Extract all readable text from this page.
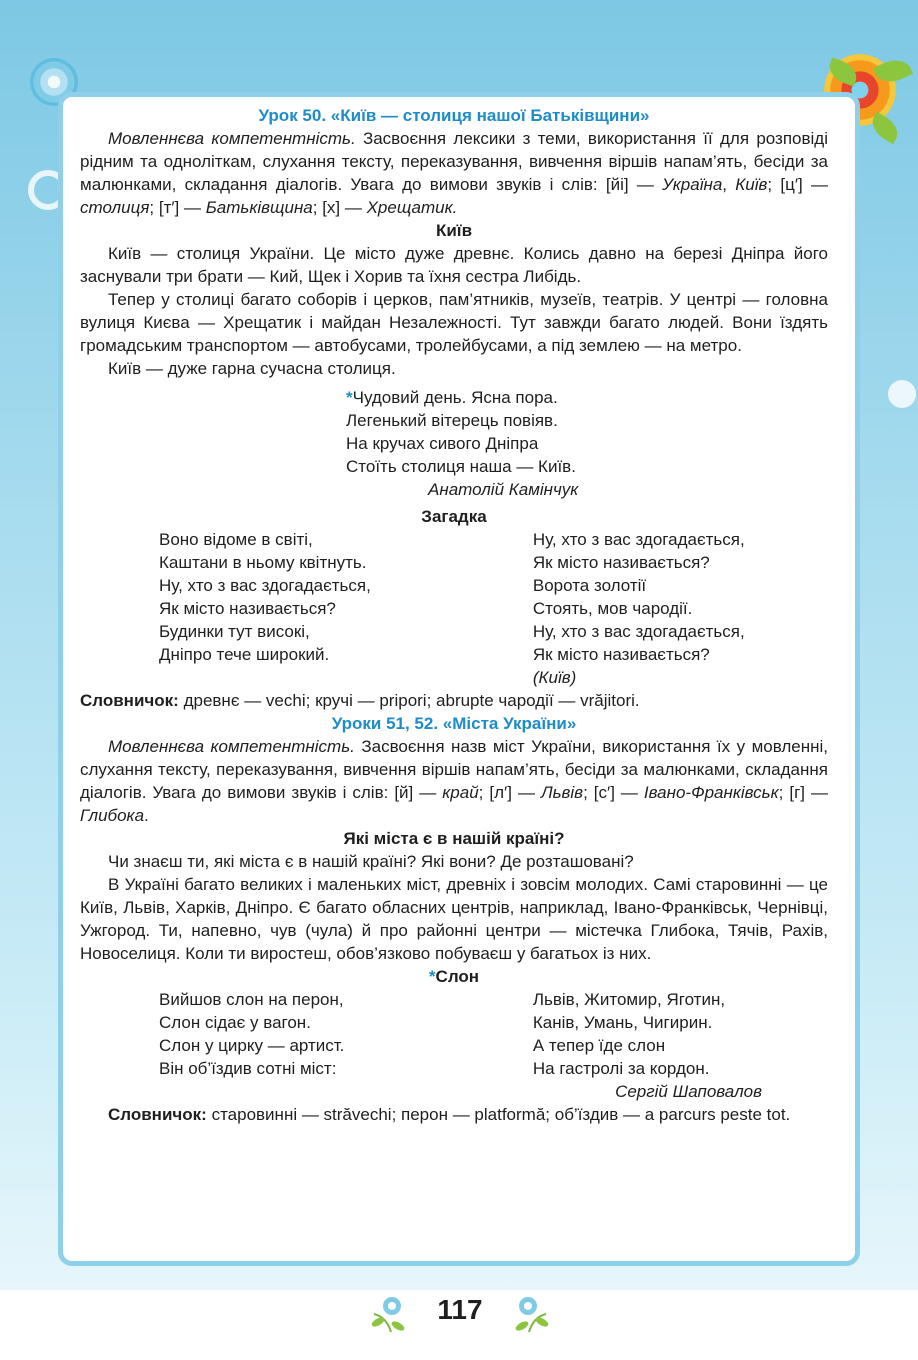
Урок 50. «Київ — столиця нашої Батьківщини»

Мовленнєва компетентність. Засвоєння лексики з теми, використання її для розповіді рідним та одноліткам, слухання тексту, переказування, вивчення віршів напам’ять, бесіди за малюнками, складання діалогів. Увага до вимови звуків і слів: [йі] — Україна, Київ; [ц′] — столиця; [т′] — Батьківщина; [х] — Хрещатик.

Київ

Київ — столиця України. Це місто дуже древнє. Колись давно на березі Дніпра його заснували три брати — Кий, Щек і Хорив та їхня сестра Либідь.

Тепер у столиці багато соборів і церков, пам’ятників, музеїв, театрів. У центрі — головна вулиця Києва — Хрещатик і майдан Незалежності. Тут завжди багато людей. Вони їздять громадським транспортом — автобусами, тролейбусами, а під землею — на метро.

Київ — дуже гарна сучасна столиця.

*Чудовий день. Ясна пора.
Легенький вітерець повіяв.
На кручах сивого Дніпра
Стоїть столиця наша — Київ.
Анатолій Камінчук

Загадка

Воно відоме в світі,
Каштани в ньому квітнуть.
Ну, хто з вас здогадається,
Як місто називається?
Будинки тут високі,
Дніпро тече широкий.
Ну, хто з вас здогадається,
Як місто називається?
Ворота золотії
Стоять, мов чародії.
Ну, хто з вас здогадається,
Як місто називається?
(Київ)

Словничок: древнє — vechi; кручі — pripori; abrupte чародії — vrăjitori.

Уроки 51, 52. «Міста України»

Мовленнєва компетентність. Засвоєння назв міст України, використання їх у мовленні, слухання тексту, переказування, вивчення віршів напам’ять, бесіди за малюнками, складання діалогів. Увага до вимови звуків і слів: [й] — край; [л′] — Львів; [с′] — Івано-Франківськ; [г] — Глибока.

Які міста є в нашій країні?

Чи знаєш ти, які міста є в нашій країні? Які вони? Де розташовані?

В Україні багато великих і маленьких міст, древніх і зовсім молодих. Самі старовинні — це Київ, Львів, Харків, Дніпро. Є багато обласних центрів, наприклад, Івано-Франківськ, Чернівці, Ужгород. Ти, напевно, чув (чула) й про районні центри — містечка Глибока, Тячів, Рахів, Новоселиця. Коли ти виростеш, обов’язково побуваєш у багатьох із них.

*Слон

Вийшов слон на перон,
Слон сідає у вагон.
Слон у цирку — артист.
Він об’їздив сотні міст:
Львів, Житомир, Яготин,
Канів, Умань, Чигирин.
А тепер їде слон
На гастролі за кордон.
Сергій Шаповалов

Словничок: старовинні — străvechi; перон — platformă; об’їздив — a parcurs peste tot.

117
